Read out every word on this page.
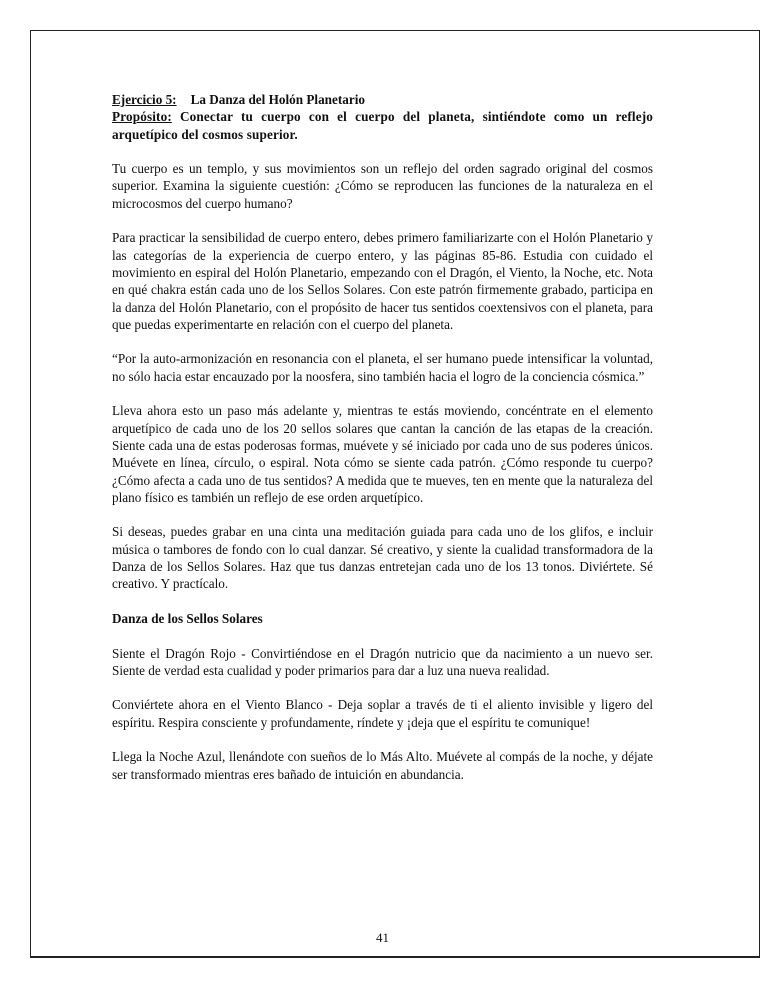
Ejercicio 5: La Danza del Holón Planetario
Propósito: Conectar tu cuerpo con el cuerpo del planeta, sintiéndote como un reflejo arquetípico del cosmos superior.

Tu cuerpo es un templo, y sus movimientos son un reflejo del orden sagrado original del cosmos superior. Examina la siguiente cuestión: ¿Cómo se reproducen las funciones de la naturaleza en el microcosmos del cuerpo humano?

Para practicar la sensibilidad de cuerpo entero, debes primero familiarizarte con el Holón Planetario y las categorías de la experiencia de cuerpo entero, y las páginas 85-86. Estudia con cuidado el movimiento en espiral del Holón Planetario, empezando con el Dragón, el Viento, la Noche, etc. Nota en qué chakra están cada uno de los Sellos Solares. Con este patrón firmemente grabado, participa en la danza del Holón Planetario, con el propósito de hacer tus sentidos coextensivos con el planeta, para que puedas experimentarte en relación con el cuerpo del planeta.

“Por la auto-armonización en resonancia con el planeta, el ser humano puede intensificar la voluntad, no sólo hacia estar encauzado por la noosfera, sino también hacia el logro de la conciencia cósmica.”

Lleva ahora esto un paso más adelante y, mientras te estás moviendo, concéntrate en el elemento arquetípico de cada uno de los 20 sellos solares que cantan la canción de las etapas de la creación. Siente cada una de estas poderosas formas, muévete y sé iniciado por cada uno de sus poderes únicos. Muévete en línea, círculo, o espiral. Nota cómo se siente cada patrón. ¿Cómo responde tu cuerpo? ¿Cómo afecta a cada uno de tus sentidos? A medida que te mueves, ten en mente que la naturaleza del plano físico es también un reflejo de ese orden arquetípico.

Si deseas, puedes grabar en una cinta una meditación guiada para cada uno de los glifos, e incluir música o tambores de fondo con lo cual danzar. Sé creativo, y siente la cualidad transformadora de la Danza de los Sellos Solares. Haz que tus danzas entretejan cada uno de los 13 tonos. Diviértete. Sé creativo. Y practícalo.

Danza de los Sellos Solares

Siente el Dragón Rojo - Convirtiéndose en el Dragón nutricio que da nacimiento a un nuevo ser. Siente de verdad esta cualidad y poder primarios para dar a luz una nueva realidad.

Conviértete ahora en el Viento Blanco - Deja soplar a través de ti el aliento invisible y ligero del espíritu. Respira consciente y profundamente, ríndete y ¡deja que el espíritu te comunique!

Llega la Noche Azul, llenándote con sueños de lo Más Alto. Muévete al compás de la noche, y déjate ser transformado mientras eres bañado de intuición en abundancia.

41
